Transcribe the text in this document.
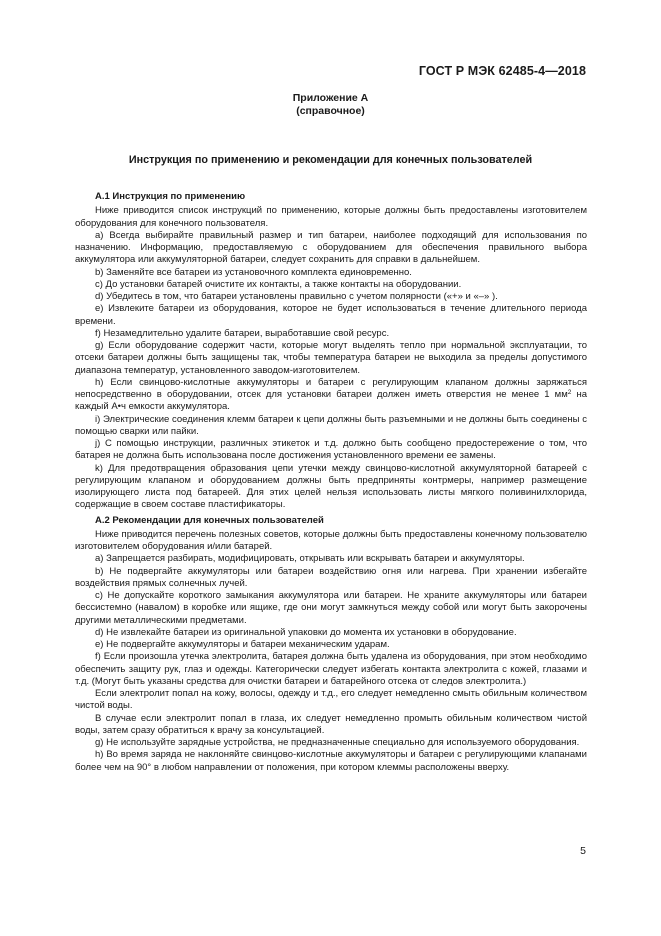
ГОСТ Р МЭК 62485-4—2018
Приложение А
(справочное)
Инструкция по применению и рекомендации для конечных пользователей

А.1 Инструкция по применению

Ниже приводится список инструкций по применению, которые должны быть предоставлены изготовителем оборудования для конечного пользователя.

а) Всегда выбирайте правильный размер и тип батареи, наиболее подходящий для использования по назначению. Информацию, предоставляемую с оборудованием для обеспечения правильного выбора аккумулятора или аккумуляторной батареи, следует сохранить для справки в дальнейшем.

b) Заменяйте все батареи из установочного комплекта единовременно.

с) До установки батарей очистите их контакты, а также контакты на оборудовании.

d) Убедитесь в том, что батареи установлены правильно с учетом полярности («+» и «–» ).

е) Извлеките батареи из оборудования, которое не будет использоваться в течение длительного периода времени.

f) Незамедлительно удалите батареи, выработавшие свой ресурс.

g) Если оборудование содержит части, которые могут выделять тепло при нормальной эксплуатации, то отсеки батареи должны быть защищены так, чтобы температура батареи не выходила за пределы допустимого диапазона температур, установленного заводом-изготовителем.

h) Если свинцово-кислотные аккумуляторы и батареи с регулирующим клапаном должны заряжаться непосредственно в оборудовании, отсек для установки батареи должен иметь отверстия не менее 1 $мм^2$ на каждый А•ч емкости аккумулятора.

i) Электрические соединения клемм батареи к цепи должны быть разъемными и не должны быть соединены с помощью сварки или пайки.

j) С помощью инструкции, различных этикеток и т.д. должно быть сообщено предостережение о том, что батарея не должна быть использована после достижения установленного времени ее замены.

k) Для предотвращения образования цепи утечки между свинцово-кислотной аккумуляторной батареей с регулирующим клапаном и оборудованием должны быть предприняты контрмеры, например размещение изолирующего листа под батареей. Для этих целей нельзя использовать листы мягкого поливинилхлорида, содержащие в своем составе пластификаторы.

А.2 Рекомендации для конечных пользователей

Ниже приводится перечень полезных советов, которые должны быть предоставлены конечному пользователю изготовителем оборудования и/или батарей.

а) Запрещается разбирать, модифицировать, открывать или вскрывать батареи и аккумуляторы.

b) Не подвергайте аккумуляторы или батареи воздействию огня или нагрева. При хранении избегайте воздействия прямых солнечных лучей.

с) Не допускайте короткого замыкания аккумулятора или батареи. Не храните аккумуляторы или батареи бессистемно (навалом) в коробке или ящике, где они могут замкнуться между собой или могут быть закорочены другими металлическими предметами.

d) Не извлекайте батареи из оригинальной упаковки до момента их установки в оборудование.

е) Не подвергайте аккумуляторы и батареи механическим ударам.

f) Если произошла утечка электролита, батарея должна быть удалена из оборудования, при этом необходимо обеспечить защиту рук, глаз и одежды. Категорически следует избегать контакта электролита с кожей, глазами и т.д. (Могут быть указаны средства для очистки батареи и батарейного отсека от следов электролита.)

Если электролит попал на кожу, волосы, одежду и т.д., его следует немедленно смыть обильным количеством чистой воды.

В случае если электролит попал в глаза, их следует немедленно промыть обильным количеством чистой воды, затем сразу обратиться к врачу за консультацией.

g) Не используйте зарядные устройства, не предназначенные специально для используемого оборудования.

h) Во время заряда не наклоняйте свинцово-кислотные аккумуляторы и батареи с регулирующими клапанами более чем на 90° в любом направлении от положения, при котором клеммы расположены вверху.

5
